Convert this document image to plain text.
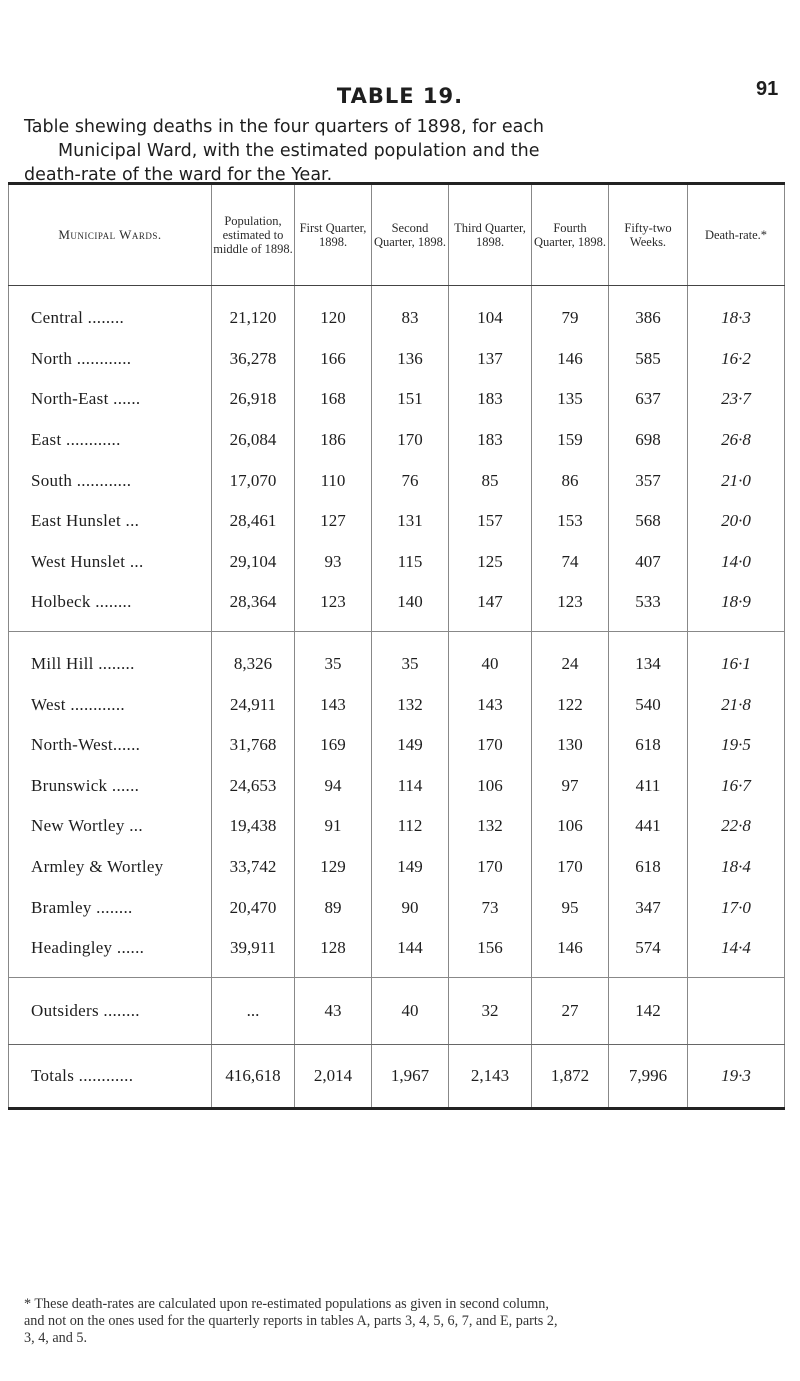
91
TABLE 19.
Table shewing deaths in the four quarters of 1898, for each
Municipal Ward, with the estimated population and the
death-rate of the ward for the Year.
Municipal Wards.	Population, estimated to middle of 1898.	First Quarter, 1898.	Second Quarter, 1898.	Third Quarter, 1898.	Fourth Quarter, 1898.	Fifty-two Weeks.	Death-rate.*
Central ........	21,120	120	83	104	79	386	18·3
North ............	36,278	166	136	137	146	585	16·2
North-East ......	26,918	168	151	183	135	637	23·7
East ............	26,084	186	170	183	159	698	26·8
South ............	17,070	110	76	85	86	357	21·0
East Hunslet ...	28,461	127	131	157	153	568	20·0
West Hunslet ...	29,104	93	115	125	74	407	14·0
Holbeck ........	28,364	123	140	147	123	533	18·9
Mill Hill ........	8,326	35	35	40	24	134	16·1
West ............	24,911	143	132	143	122	540	21·8
North-West......	31,768	169	149	170	130	618	19·5
Brunswick ......	24,653	94	114	106	97	411	16·7
New Wortley ...	19,438	91	112	132	106	441	22·8
Armley & Wortley	33,742	129	149	170	170	618	18·4
Bramley ........	20,470	89	90	73	95	347	17·0
Headingley ......	39,911	128	144	156	146	574	14·4
Outsiders ........	...	43	40	32	27	142	
Totals ............	416,618	2,014	1,967	2,143	1,872	7,996	19·3
* These death-rates are calculated upon re-estimated populations as given in second column,
and not on the ones used for the quarterly reports in tables A, parts 3, 4, 5, 6, 7, and E, parts 2,
3, 4, and 5.
